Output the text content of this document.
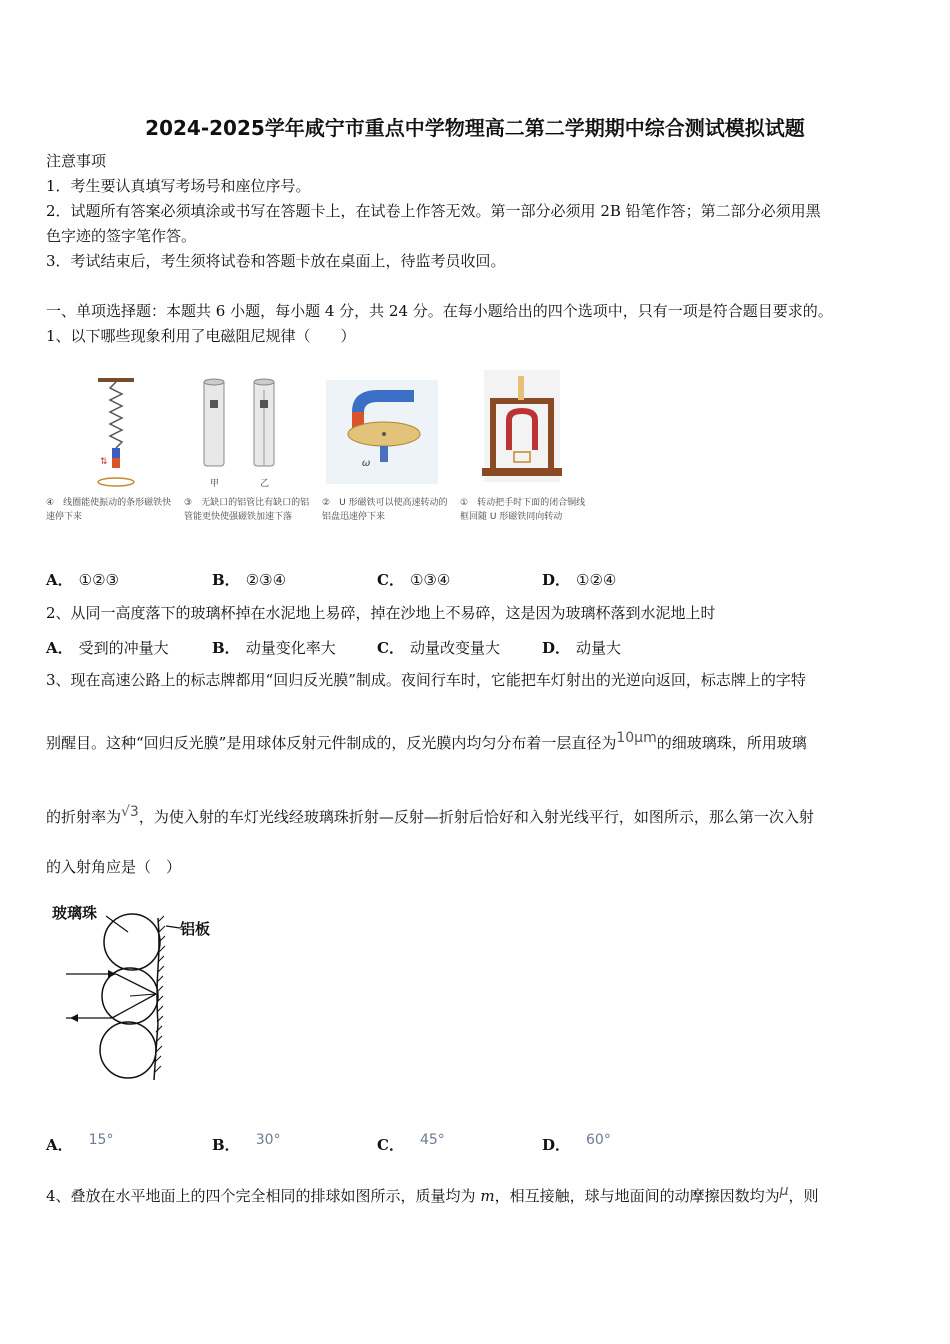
2024-2025学年咸宁市重点中学物理高二第二学期期中综合测试模拟试题
注意事项
1．考生要认真填写考场号和座位序号。
2．试题所有答案必须填涂或书写在答题卡上，在试卷上作答无效。第一部分必须用 2B 铅笔作答；第二部分必须用黑
色字迹的签字笔作答。
3．考试结束后，考生须将试卷和答题卡放在桌面上，待监考员收回。
一、单项选择题：本题共 6 小题，每小题 4 分，共 24 分。在每小题给出的四个选项中，只有一项是符合题目要求的。
1、以下哪些现象利用了电磁阻尼规律（　　）
⇅
④　线圈能使振动的条形磁铁快速停下来
甲	乙
③　无缺口的铝管比有缺口的铝管能更快使强磁铁加速下落
ω
②　U 形磁铁可以使高速转动的铝盘迅速停下来
①　转动把手时下面的闭合铜线框回随 U 形磁铁同向转动
A． ①②③	B． ②③④	C． ①③④	D． ①②④
2、从同一高度落下的玻璃杯掉在水泥地上易碎，掉在沙地上不易碎，这是因为玻璃杯落到水泥地上时
A． 受到的冲量大	B． 动量变化率大	C． 动量改变量大	D． 动量大
3、现在高速公路上的标志牌都用“回归反光膜”制成。夜间行车时，它能把车灯射出的光逆向返回，标志牌上的字特
别醒目。这种“回归反光膜”是用球体反射元件制成的，反光膜内均匀分布着一层直径为10μm的细玻璃珠，所用玻璃
的折射率为√3，为使入射的车灯光线经玻璃珠折射—反射—折射后恰好和入射光线平行，如图所示，那么第一次入射
的入射角应是（　）
玻璃珠
铝板
A． 15°	B． 30°	C． 45°	D． 60°
4、叠放在水平地面上的四个完全相同的排球如图所示，质量均为 m，相互接触，球与地面间的动摩擦因数均为μ，则
